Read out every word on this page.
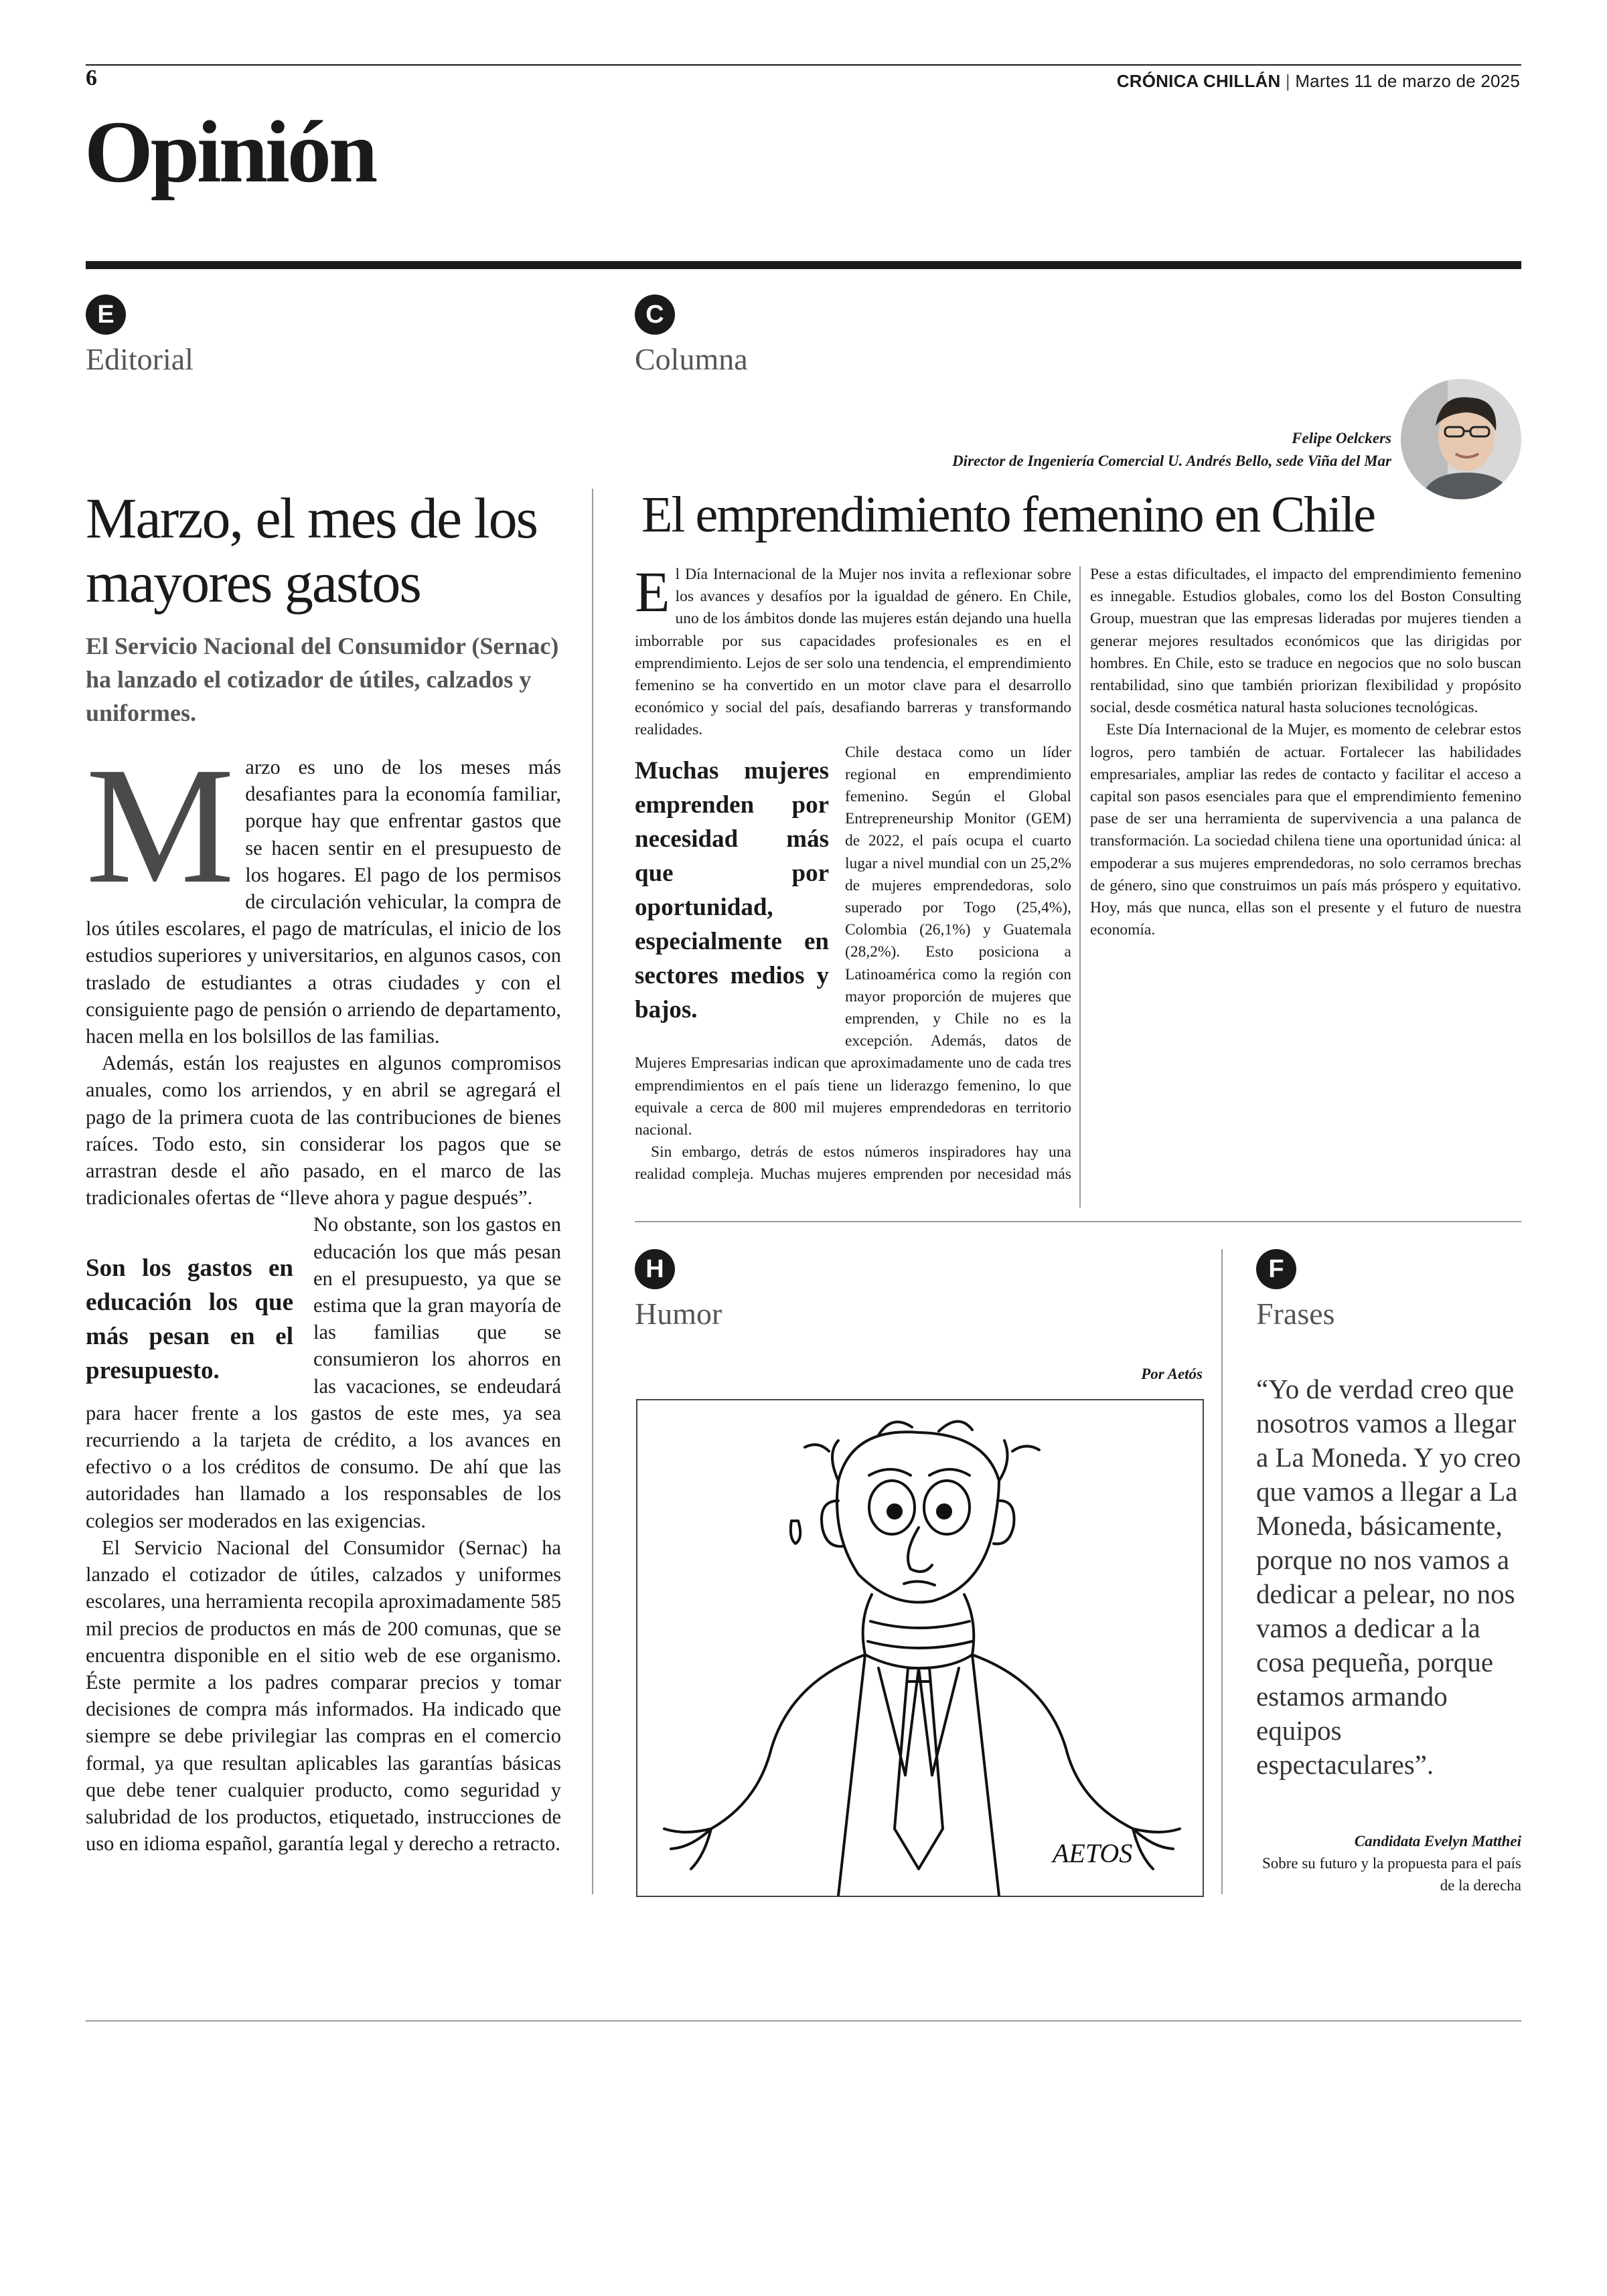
6	CRÓNICA CHILLÁN | Martes 11 de marzo de 2025
Opinión
E
Editorial
Marzo, el mes de los mayores gastos
El Servicio Nacional del Consumidor (Sernac) ha lanzado el cotizador de útiles, calzados y uniformes.

Marzo es uno de los meses más desafiantes para la economía familiar, porque hay que enfrentar gastos que se hacen sentir en el presupuesto de los hogares. El pago de los permisos de circulación vehicular, la compra de los útiles escolares, el pago de matrículas, el inicio de los estudios superiores y universitarios, en algunos casos, con traslado de estudiantes a otras ciudades y con el consiguiente pago de pensión o arriendo de departamento, hacen mella en los bolsillos de las familias.

Además, están los reajustes en algunos compromisos anuales, como los arriendos, y en abril se agregará el pago de la primera cuota de las contribuciones de bienes raíces. Todo esto, sin considerar los pagos que se arrastran desde el año pasado, en el marco de las tradicionales ofertas de “lleve ahora y pague después”.

Son los gastos en educación los que más pesan en el presupuesto.

No obstante, son los gastos en educación los que más pesan en el presupuesto, ya que se estima que la gran mayoría de las familias que se consumieron los ahorros en las vacaciones, se endeudará para hacer frente a los gastos de este mes, ya sea recurriendo a la tarjeta de crédito, a los avances en efectivo o a los créditos de consumo. De ahí que las autoridades han llamado a los responsables de los colegios ser moderados en las exigencias.

El Servicio Nacional del Consumidor (Sernac) ha lanzado el cotizador de útiles, calzados y uniformes escolares, una herramienta recopila aproximadamente 585 mil precios de productos en más de 200 comunas, que se encuentra disponible en el sitio web de ese organismo. Éste permite a los padres comparar precios y tomar decisiones de compra más informados. Ha indicado que siempre se debe privilegiar las compras en el comercio formal, ya que resultan aplicables las garantías básicas que debe tener cualquier producto, como seguridad y salubridad de los productos, etiquetado, instrucciones de uso en idioma español, garantía legal y derecho a retracto.

C
Columna
Felipe Oelckers
Director de Ingeniería Comercial U. Andrés Bello, sede Viña del Mar
El emprendimiento femenino en Chile

El Día Internacional de la Mujer nos invita a reflexionar sobre los avances y desafíos por la igualdad de género. En Chile, uno de los ámbitos donde las mujeres están dejando una huella imborrable por sus capacidades profesionales es en el emprendimiento. Lejos de ser solo una tendencia, el emprendimiento femenino se ha convertido en un motor clave para el desarrollo económico y social del país, desafiando barreras y transformando realidades.

Muchas mujeres emprenden por necesidad más que por oportunidad, especialmente en sectores medios y bajos.

Chile destaca como un líder regional en emprendimiento femenino. Según el Global Entrepreneurship Monitor (GEM) de 2022, el país ocupa el cuarto lugar a nivel mundial con un 25,2% de mujeres emprendedoras, solo superado por Togo (25,4%), Colombia (26,1%) y Guatemala (28,2%). Esto posiciona a Latinoamérica como la región con mayor proporción de mujeres que emprenden, y Chile no es la excepción. Además, datos de Mujeres Empresarias indican que aproximadamente uno de cada tres emprendimientos en el país tiene un liderazgo femenino, lo que equivale a cerca de 800 mil mujeres emprendedoras en territorio nacional.

Sin embargo, detrás de estos números inspiradores hay una realidad compleja. Muchas mujeres emprenden por necesidad más

Pese a estas dificultades, el impacto del emprendimiento femenino es innegable. Estudios globales, como los del Boston Consulting Group, muestran que las empresas lideradas por mujeres tienden a generar mejores resultados económicos que las dirigidas por hombres. En Chile, esto se traduce en negocios que no solo buscan rentabilidad, sino que también priorizan flexibilidad y propósito social, desde cosmética natural hasta soluciones tecnológicas.

Este Día Internacional de la Mujer, es momento de celebrar estos logros, pero también de actuar. Fortalecer las habilidades empresariales, ampliar las redes de contacto y facilitar el acceso a capital son pasos esenciales para que el emprendimiento femenino pase de ser una herramienta de supervivencia a una palanca de transformación. La sociedad chilena tiene una oportunidad única: al empoderar a sus mujeres emprendedoras, no solo cerramos brechas de género, sino que construimos un país más próspero y equitativo. Hoy, más que nunca, ellas son el presente y el futuro de nuestra economía.

H
Humor
Por Aetós
AETOS
F
Frases
“Yo de verdad creo que nosotros vamos a llegar a La Moneda. Y yo creo que vamos a llegar a La Moneda, básicamente, porque no nos vamos a dedicar a pelear, no nos vamos a dedicar a la cosa pequeña, porque estamos armando equipos espectaculares”.
Candidata Evelyn Matthei
Sobre su futuro y la propuesta para el país de la derecha
